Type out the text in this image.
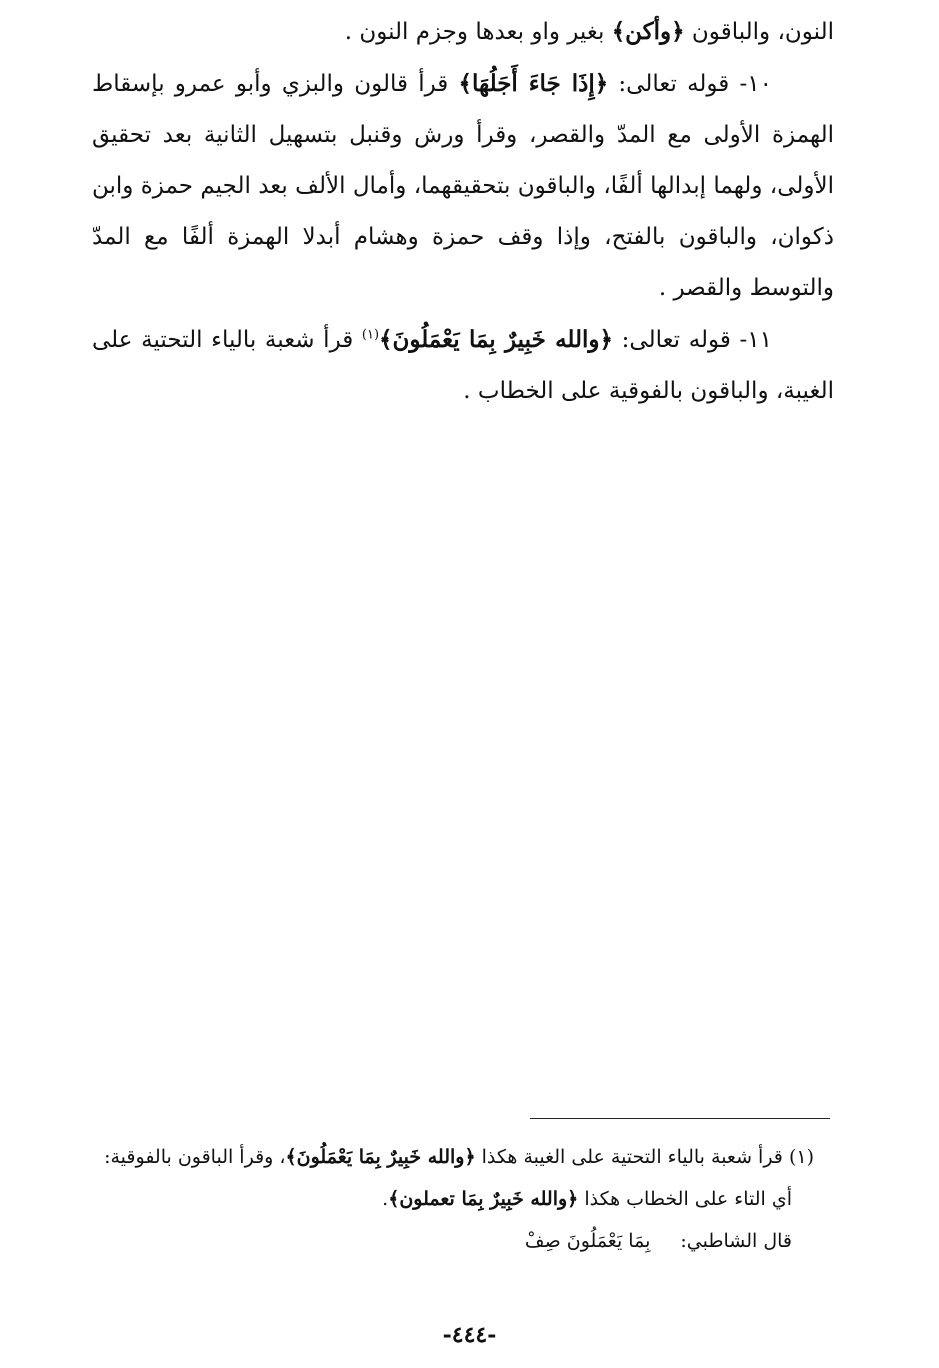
النون، والباقون ﴿وأكن﴾ بغير واو بعدها وجزم النون .

١٠- قوله تعالى: ﴿إِذَا جَاءَ أَجَلُهَا﴾ قرأ قالون والبزي وأبو عمرو بإسقاط الهمزة الأولى مع المدّ والقصر، وقرأ ورش وقنبل بتسهيل الثانية بعد تحقيق الأولى، ولهما إبدالها ألفًا، والباقون بتحقيقهما، وأمال الألف بعد الجيم حمزة وابن ذكوان، والباقون بالفتح، وإذا وقف حمزة وهشام أبدلا الهمزة ألفًا مع المدّ والتوسط والقصر .

١١- قوله تعالى: ﴿والله خَبِيرٌ بِمَا يَعْمَلُونَ﴾$^{(١)}$ قرأ شعبة بالياء التحتية على الغيبة، والباقون بالفوقية على الخطاب .

(١) قرأ شعبة بالياء التحتية على الغيبة هكذا ﴿والله خَبِيرٌ بِمَا يَعْمَلُونَ﴾، وقرأ الباقون بالفوقية:

أي التاء على الخطاب هكذا ﴿والله خَبِيرٌ بِمَا تعملون﴾.

قال الشاطبي:بِمَا يَعْمَلُونَ صِفْ

-٤٤٤-
